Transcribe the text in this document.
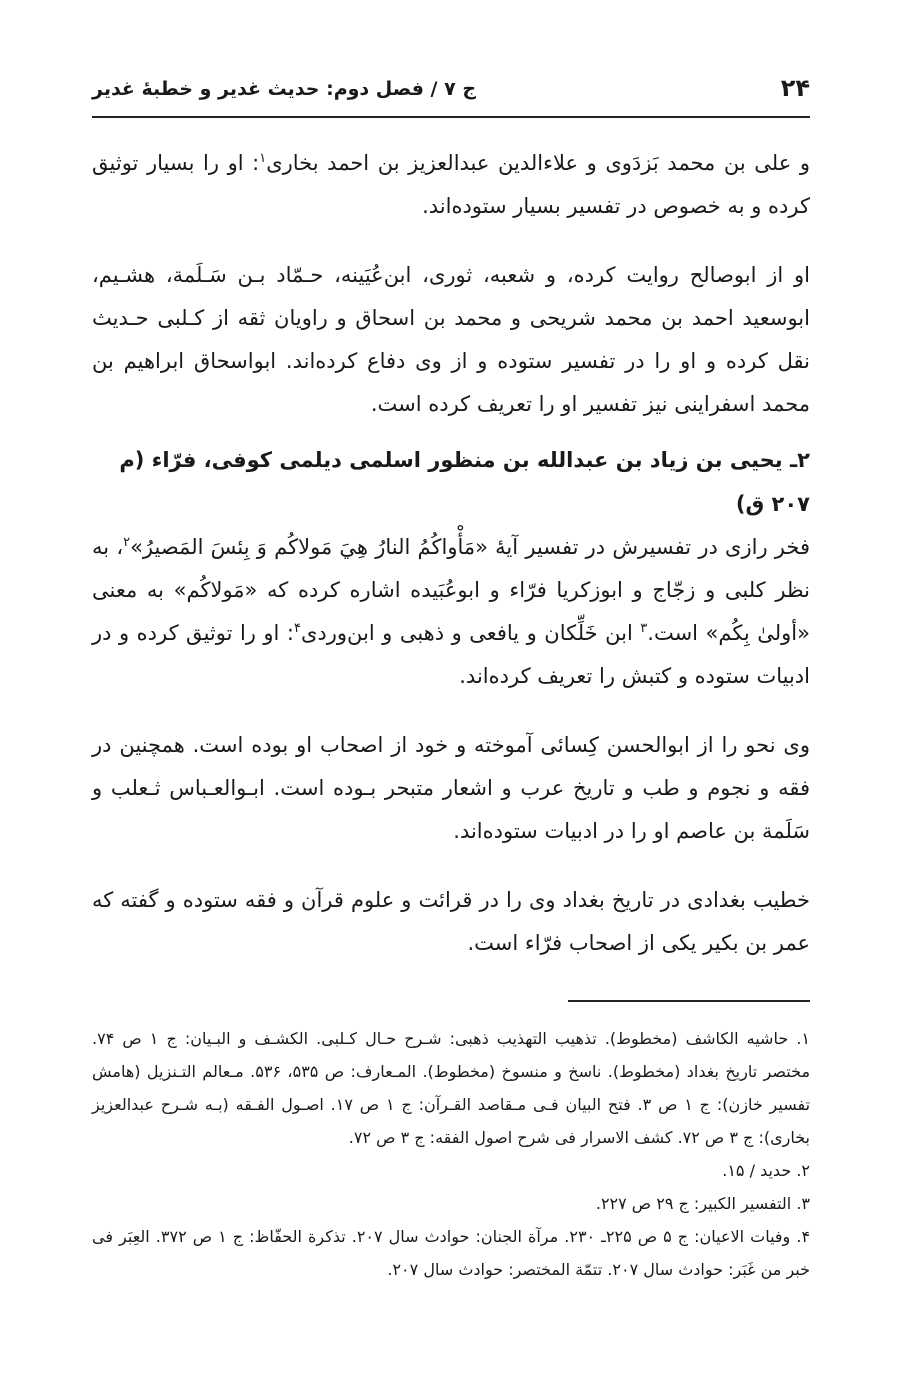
۲۴
ج ۷ / فصل دوم: حدیث غدیر و خطبهٔ غدیر
و علی بن محمد بَزدَوی و علاءالدین عبدالعزیز بن احمد بخاری$^۱$: او را بسیار توثیق کرده و به خصوص در تفسیر بسیار ستوده‌اند.
او از ابوصالح روایت کرده، و شعبه، ثوری، ابن‌عُیَینه، حـمّاد بـن سَـلَمة، هشـیم، ابوسعید احمد بن محمد شریحی و محمد بن اسحاق و راویان ثقه از کـلبی حـدیث نقل کرده و او را در تفسیر ستوده و از وی دفاع کرده‌اند. ابواسحاق ابراهیم بن محمد اسفراینی نیز تفسیر او را تعریف کرده است.
۲ـ یحیی بن زیاد بن عبدالله بن منظور اسلمی دیلمی کوفی، فرّاء (م ۲۰۷ ق)
فخر رازی در تفسیرش در تفسیر آیهٔ «مَأْواكُمُ النارُ هِيَ مَولاكُم وَ بِئسَ المَصيرُ»$^۲$، به نظر کلبی و زجّاج و ابوزکریا فرّاء و ابوعُبَیده اشاره کرده که «مَولاكُم» به معنی «أولیٰ بِكُم» است.$^۳$ ابن خَلِّكان و یافعی و ذهبی و ابن‌وردی$^۴$: او را توثیق کرده و در ادبیات ستوده و کتبش را تعریف کرده‌اند.
وی نحو را از ابوالحسن کِسائی آموخته و خود از اصحاب او بوده است. همچنین در فقه و نجوم و طب و تاریخ عرب و اشعار متبحر بـوده است. ابـوالعـباس ثـعلب و سَلَمة بن عاصم او را در ادبیات ستوده‌اند.
خطیب بغدادی در تاریخ بغداد وی را در قرائت و علوم قرآن و فقه ستوده و گفته که عمر بن بکیر یکی از اصحاب فرّاء است.

۱. حاشیه الکاشف (مخطوط). تذهیب التهذیب ذهبی: شـرح حـال کـلبی. الکشـف و البـیان: ج ۱ ص ۷۴. مختصر تاریخ بغداد (مخطوط). ناسخ و منسوخ (مخطوط). المـعارف: ص ۵۳۵، ۵۳۶. مـعالم التـنزیل (هامش تفسیر خازن): ج ۱ ص ۳. فتح البیان فـی مـقاصد القـرآن: ج ۱ ص ۱۷. اصـول الفـقه (بـه شـرح عبدالعزیز بخاری): ج ۳ ص ۷۲. کشف الاسرار فی شرح اصول الفقه: ج ۳ ص ۷۲.

۲. حدید / ۱۵.

۳. التفسیر الکبیر: ج ۲۹ ص ۲۲۷.

۴. وفیات الاعیان: ج ۵ ص ۲۲۵ـ ۲۳۰. مرآة الجنان: حوادث سال ۲۰۷. تذکرة الحفّاظ: ج ۱ ص ۳۷۲. العِبَر فی خبر من غَبَر: حوادث سال ۲۰۷. تتمّة المختصر: حوادث سال ۲۰۷.
